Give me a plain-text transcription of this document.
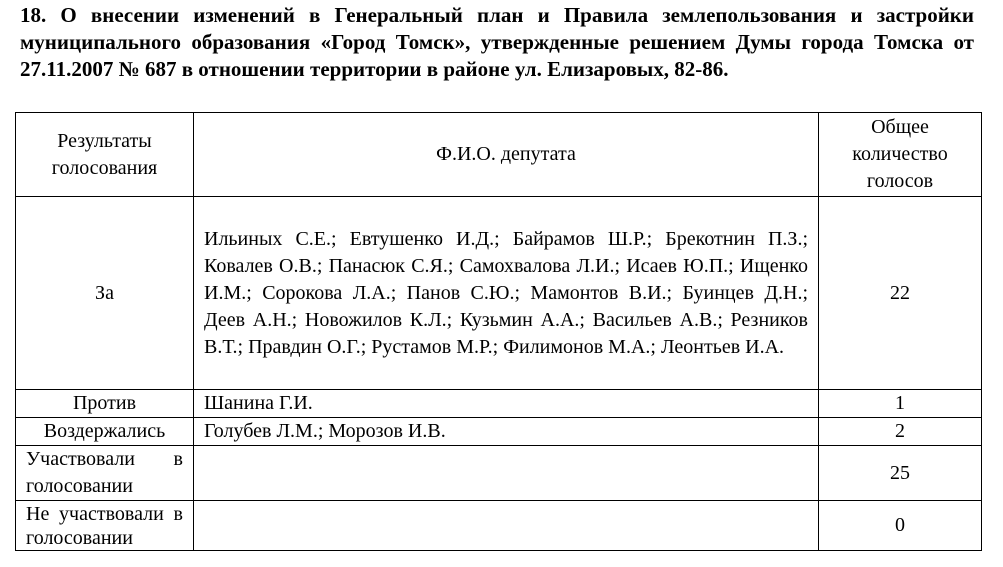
18. О внесении изменений в Генеральный план и Правила землепользования и застройки муниципального образования «Город Томск», утвержденные решением Думы города Томска от 27.11.2007 № 687 в отношении территории в районе ул. Елизаровых, 82-86.
Результаты голосования	Ф.И.О. депутата	Общее количество голосов
За	Ильиных С.Е.; Евтушенко И.Д.; Байрамов Ш.Р.; Брекотнин П.З.; Ковалев О.В.; Панасюк С.Я.; Самохвалова Л.И.; Исаев Ю.П.; Ищенко И.М.; Сорокова Л.А.; Панов С.Ю.; Мамонтов В.И.; Буинцев Д.Н.; Деев А.Н.; Новожилов К.Л.; Кузьмин А.А.; Васильев А.В.; Резников В.Т.; Правдин О.Г.; Рустамов М.Р.; Филимонов М.А.; Леонтьев И.А.	22
Против	Шанина Г.И.	1
Воздержались	Голубев Л.М.; Морозов И.В.	2
Участвовали в голосовании		25
Не участвовали в голосовании		0
